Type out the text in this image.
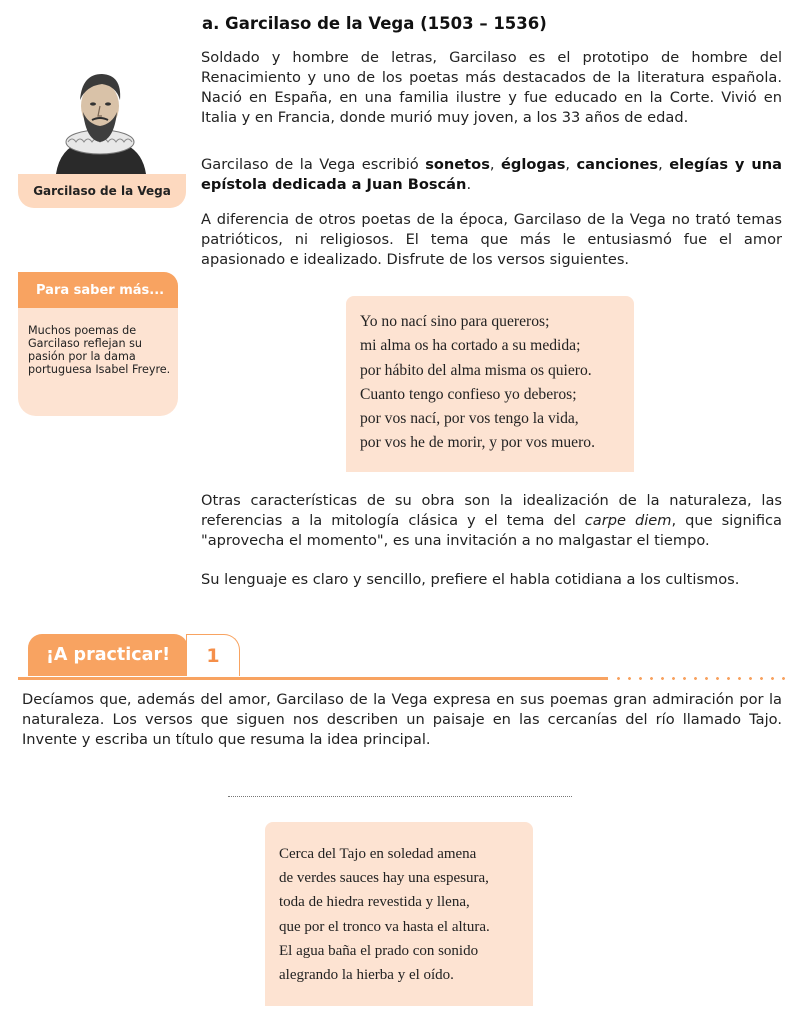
a. Garcilaso de la Vega (1503 – 1536)
Soldado y hombre de letras, Garcilaso es el prototipo de hombre del Renacimiento y uno de los poetas más destacados de la literatura española. Nació en España, en una familia ilustre y fue educado en la Corte. Vivió en Italia y en Francia, donde murió muy joven, a los 33 años de edad.
Garcilaso de la Vega escribió sonetos, églogas, canciones, elegías y una epístola dedicada a Juan Boscán.
A diferencia de otros poetas de la época, Garcilaso de la Vega no trató temas patrióticos, ni religiosos. El tema que más le entusiasmó fue el amor apasionado e idealizado. Disfrute de los versos siguientes.
Otras características de su obra son la idealización de la naturaleza, las referencias a la mitología clásica y el tema del carpe diem, que significa "aprovecha el momento", es una invitación a no malgastar el tiempo.
Su lenguaje es claro y sencillo, prefiere el habla cotidiana a los cultismos.
Garcilaso de la Vega
Para saber más...
Muchos poemas de Garcilaso reflejan su pasión por la dama portuguesa Isabel Freyre.
Yo no nací sino para quereros;
mi alma os ha cortado a su medida;
por hábito del alma misma os quiero.
Cuanto tengo confieso yo deberos;
por vos nací, por vos tengo la vida,
por vos he de morir, y por vos muero.
¡A practicar!	1
Decíamos que, además del amor, Garcilaso de la Vega expresa en sus poemas gran admiración por la naturaleza. Los versos que siguen nos describen un paisaje en las cercanías del río llamado Tajo. Invente y escriba un título que resuma la idea principal.
Cerca del Tajo en soledad amena
de verdes sauces hay una espesura,
toda de hiedra revestida y llena,
que por el tronco va hasta el altura.
El agua baña el prado con sonido
alegrando la hierba y el oído.
